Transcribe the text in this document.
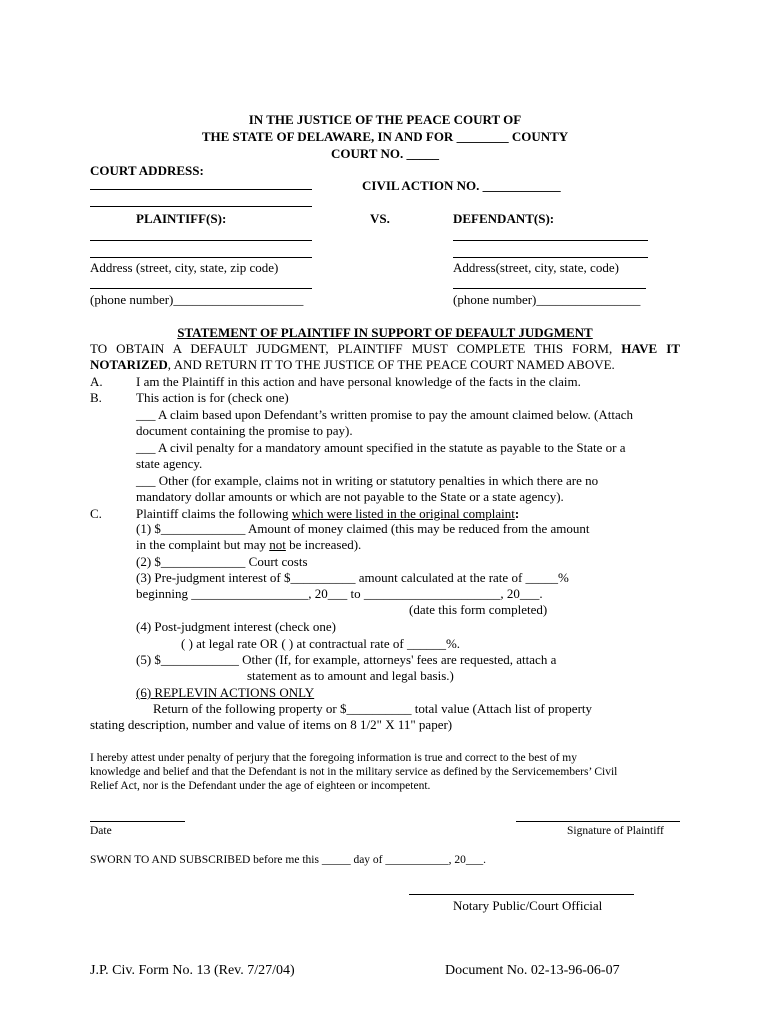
IN THE JUSTICE OF THE PEACE COURT OF
THE STATE OF DELAWARE, IN AND FOR ________ COUNTY
COURT NO. _____
COURT ADDRESS:
CIVIL ACTION NO. ____________
PLAINTIFF(S):	VS.	DEFENDANT(S):
Address (street, city, state, zip code)	Address(street, city, state, code)
(phone number)____________________	(phone number)________________
STATEMENT OF PLAINTIFF IN SUPPORT OF DEFAULT JUDGMENT
TO OBTAIN A DEFAULT JUDGMENT, PLAINTIFF MUST COMPLETE THIS FORM, HAVE IT NOTARIZED, AND RETURN IT TO THE JUSTICE OF THE PEACE COURT NAMED ABOVE.
A.	I am the Plaintiff in this action and have personal knowledge of the facts in the claim.
B.	This action is for (check one)
___ A claim based upon Defendant’s written promise to pay the amount claimed below. (Attach
document containing the promise to pay).
___ A civil penalty for a mandatory amount specified in the statute as payable to the State or a
state agency.
___ Other (for example, claims not in writing or statutory penalties in which there are no
mandatory dollar amounts or which are not payable to the State or a state agency).
C.	Plaintiff claims the following which were listed in the original complaint:
(1) $_____________ Amount of money claimed (this may be reduced from the amount
in the complaint but may not be increased).
(2) $_____________ Court costs
(3) Pre-judgment interest of $__________ amount calculated at the rate of _____%
beginning __________________, 20___ to _____________________, 20___.
(date this form completed)
(4) Post-judgment interest (check one)
( ) at legal rate OR ( ) at contractual rate of ______%.
(5) $____________ Other (If, for example, attorneys' fees are requested, attach a
statement as to amount and legal basis.)
(6) REPLEVIN ACTIONS ONLY
Return of the following property or $__________ total value (Attach list of property
stating description, number and value of items on 8 1/2" X 11" paper)
I hereby attest under penalty of perjury that the foregoing information is true and correct to the best of my
knowledge and belief and that the Defendant is not in the military service as defined by the Servicemembers’ Civil
Relief Act, nor is the Defendant under the age of eighteen or incompetent.
Date	Signature of Plaintiff
SWORN TO AND SUBSCRIBED before me this _____ day of ___________, 20___.
Notary Public/Court Official
J.P. Civ. Form No. 13 (Rev. 7/27/04)	Document No. 02-13-96-06-07
